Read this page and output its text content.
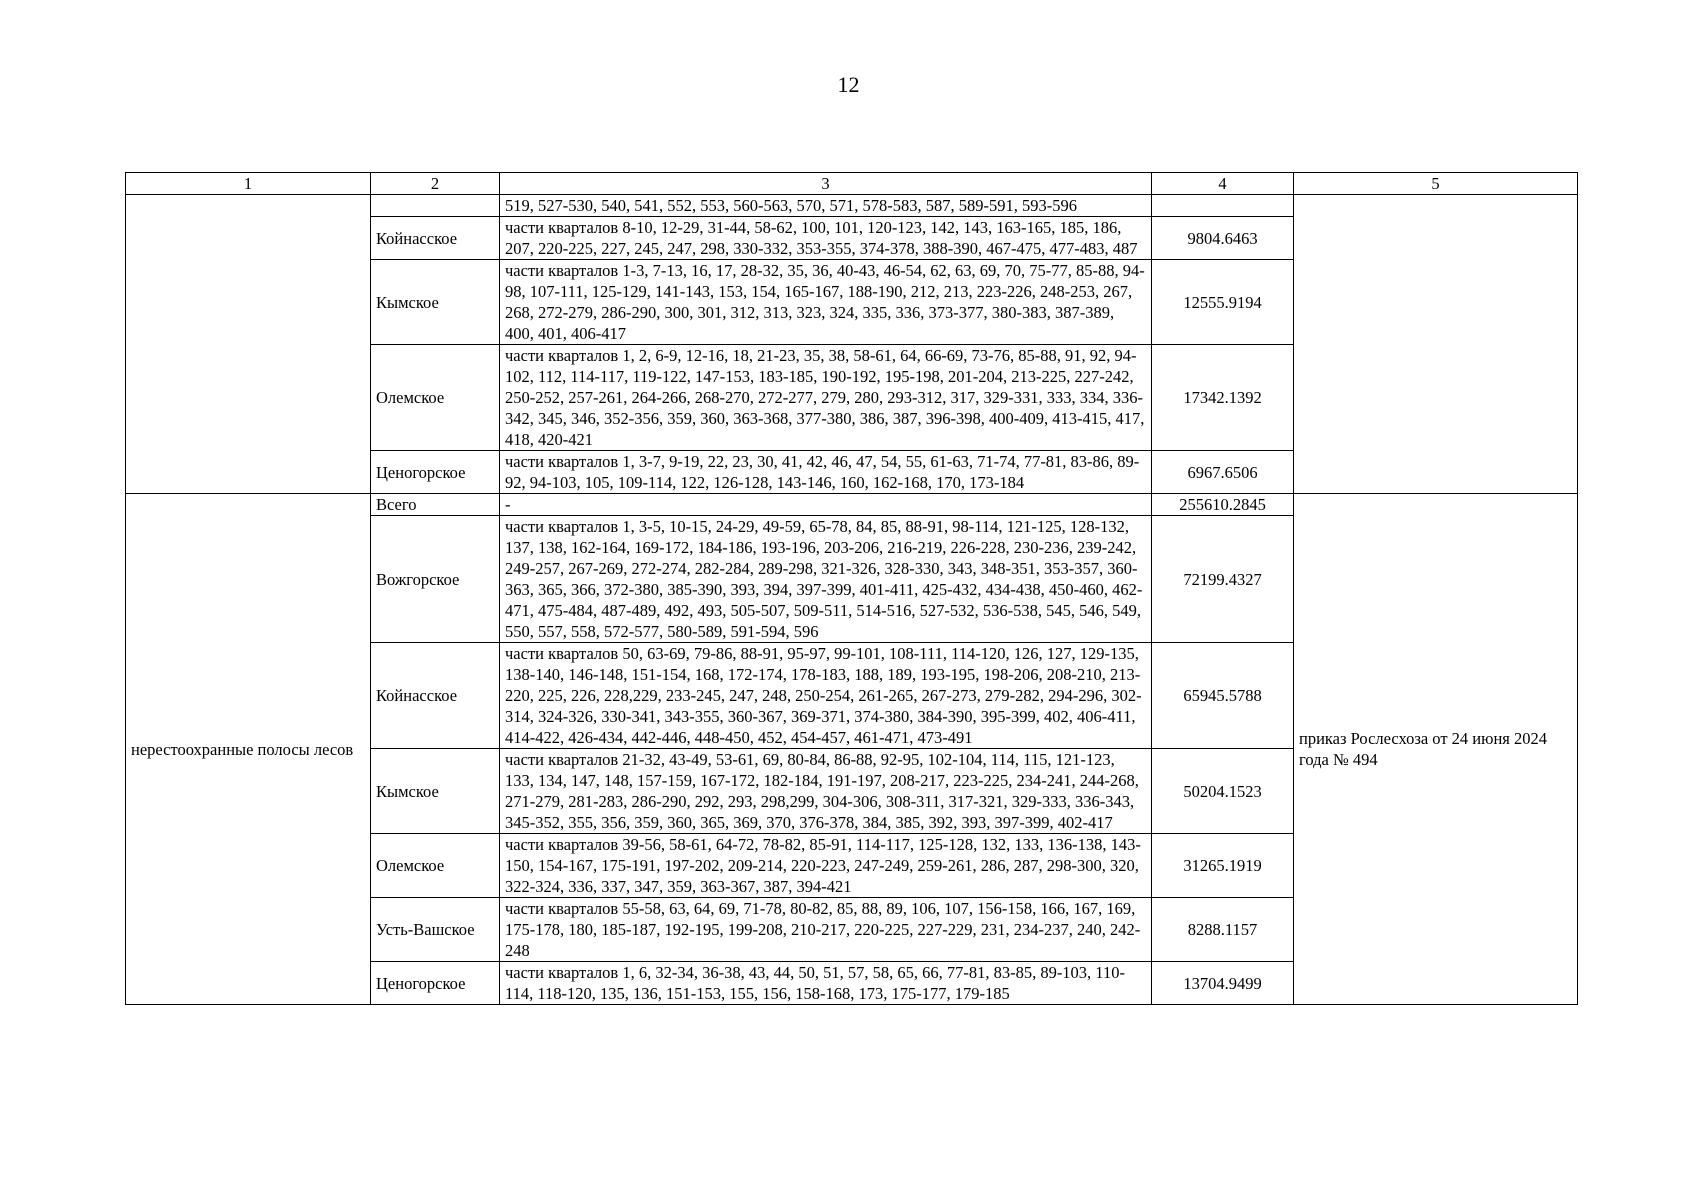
12
1	2	3	4	5
		519, 527-530, 540, 541, 552, 553, 560-563, 570, 571, 578-583, 587, 589-591, 593-596		
	Койнасское	части кварталов 8-10, 12-29, 31-44, 58-62, 100, 101, 120-123, 142, 143, 163-165, 185, 186, 207, 220-225, 227, 245, 247, 298, 330-332, 353-355, 374-378, 388-390, 467-475, 477-483, 487	9804.6463	
	Кымское	части кварталов 1-3, 7-13, 16, 17, 28-32, 35, 36, 40-43, 46-54, 62, 63, 69, 70, 75-77, 85-88, 94-98, 107-111, 125-129, 141-143, 153, 154, 165-167, 188-190, 212, 213, 223-226, 248-253, 267, 268, 272-279, 286-290, 300, 301, 312, 313, 323, 324, 335, 336, 373-377, 380-383, 387-389, 400, 401, 406-417	12555.9194	
	Олемское	части кварталов 1, 2, 6-9, 12-16, 18, 21-23, 35, 38, 58-61, 64, 66-69, 73-76, 85-88, 91, 92, 94-102, 112, 114-117, 119-122, 147-153, 183-185, 190-192, 195-198, 201-204, 213-225, 227-242, 250-252, 257-261, 264-266, 268-270, 272-277, 279, 280, 293-312, 317, 329-331, 333, 334, 336-342, 345, 346, 352-356, 359, 360, 363-368, 377-380, 386, 387, 396-398, 400-409, 413-415, 417, 418, 420-421	17342.1392	
	Ценогорское	части кварталов 1, 3-7, 9-19, 22, 23, 30, 41, 42, 46, 47, 54, 55, 61-63, 71-74, 77-81, 83-86, 89-92, 94-103, 105, 109-114, 122, 126-128, 143-146, 160, 162-168, 170, 173-184	6967.6506	
нерестоохранные полосы лесов	Всего	-	255610.2845	приказ Рослесхоза от 24 июня 2024 года № 494
	Вожгорское	части кварталов 1, 3-5, 10-15, 24-29, 49-59, 65-78, 84, 85, 88-91, 98-114, 121-125, 128-132, 137, 138, 162-164, 169-172, 184-186, 193-196, 203-206, 216-219, 226-228, 230-236, 239-242, 249-257, 267-269, 272-274, 282-284, 289-298, 321-326, 328-330, 343, 348-351, 353-357, 360-363, 365, 366, 372-380, 385-390, 393, 394, 397-399, 401-411, 425-432, 434-438, 450-460, 462-471, 475-484, 487-489, 492, 493, 505-507, 509-511, 514-516, 527-532, 536-538, 545, 546, 549, 550, 557, 558, 572-577, 580-589, 591-594, 596	72199.4327	
	Койнасское	части кварталов 50, 63-69, 79-86, 88-91, 95-97, 99-101, 108-111, 114-120, 126, 127, 129-135, 138-140, 146-148, 151-154, 168, 172-174, 178-183, 188, 189, 193-195, 198-206, 208-210, 213-220, 225, 226, 228,229, 233-245, 247, 248, 250-254, 261-265, 267-273, 279-282, 294-296, 302-314, 324-326, 330-341, 343-355, 360-367, 369-371, 374-380, 384-390, 395-399, 402, 406-411, 414-422, 426-434, 442-446, 448-450, 452, 454-457, 461-471, 473-491	65945.5788	
	Кымское	части кварталов 21-32, 43-49, 53-61, 69, 80-84, 86-88, 92-95, 102-104, 114, 115, 121-123, 133, 134, 147, 148, 157-159, 167-172, 182-184, 191-197, 208-217, 223-225, 234-241, 244-268, 271-279, 281-283, 286-290, 292, 293, 298,299, 304-306, 308-311, 317-321, 329-333, 336-343, 345-352, 355, 356, 359, 360, 365, 369, 370, 376-378, 384, 385, 392, 393, 397-399, 402-417	50204.1523	
	Олемское	части кварталов 39-56, 58-61, 64-72, 78-82, 85-91, 114-117, 125-128, 132, 133, 136-138, 143-150, 154-167, 175-191, 197-202, 209-214, 220-223, 247-249, 259-261, 286, 287, 298-300, 320, 322-324, 336, 337, 347, 359, 363-367, 387, 394-421	31265.1919	
	Усть-Вашское	части кварталов 55-58, 63, 64, 69, 71-78, 80-82, 85, 88, 89, 106, 107, 156-158, 166, 167, 169, 175-178, 180, 185-187, 192-195, 199-208, 210-217, 220-225, 227-229, 231, 234-237, 240, 242-248	8288.1157	
	Ценогорское	части кварталов 1, 6, 32-34, 36-38, 43, 44, 50, 51, 57, 58, 65, 66, 77-81, 83-85, 89-103, 110-114, 118-120, 135, 136, 151-153, 155, 156, 158-168, 173, 175-177, 179-185	13704.9499	
